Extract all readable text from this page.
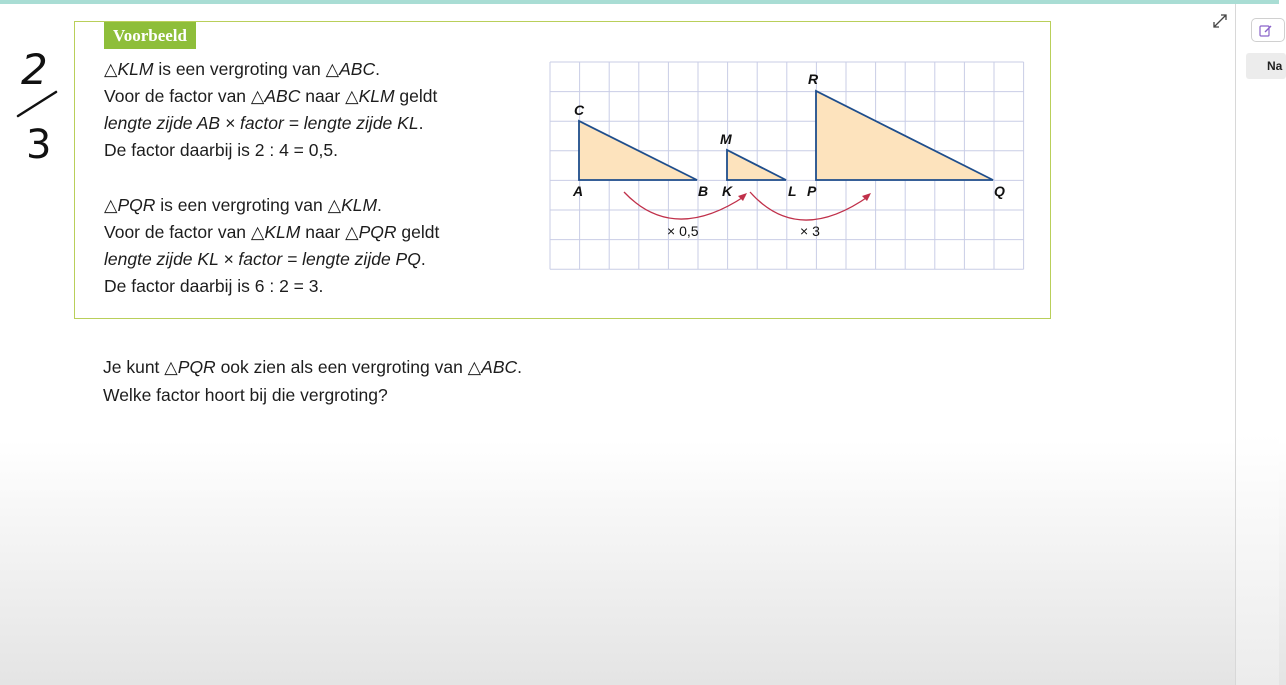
2
3
Voorbeeld
△KLM is een vergroting van △ABC.
Voor de factor van △ABC naar △KLM geldt
lengte zijde AB × factor = lengte zijde KL.
De factor daarbij is 2 : 4 = 0,5.
△PQR is een vergroting van △KLM.
Voor de factor van △KLM naar △PQR geldt
lengte zijde KL × factor = lengte zijde PQ.
De factor daarbij is 6 : 2 = 3.
A	B
C
K	L
M
P	Q
R
× 0,5	× 3
Je kunt △PQR ook zien als een vergroting van △ABC.
Welke factor hoort bij die vergroting?
Na
